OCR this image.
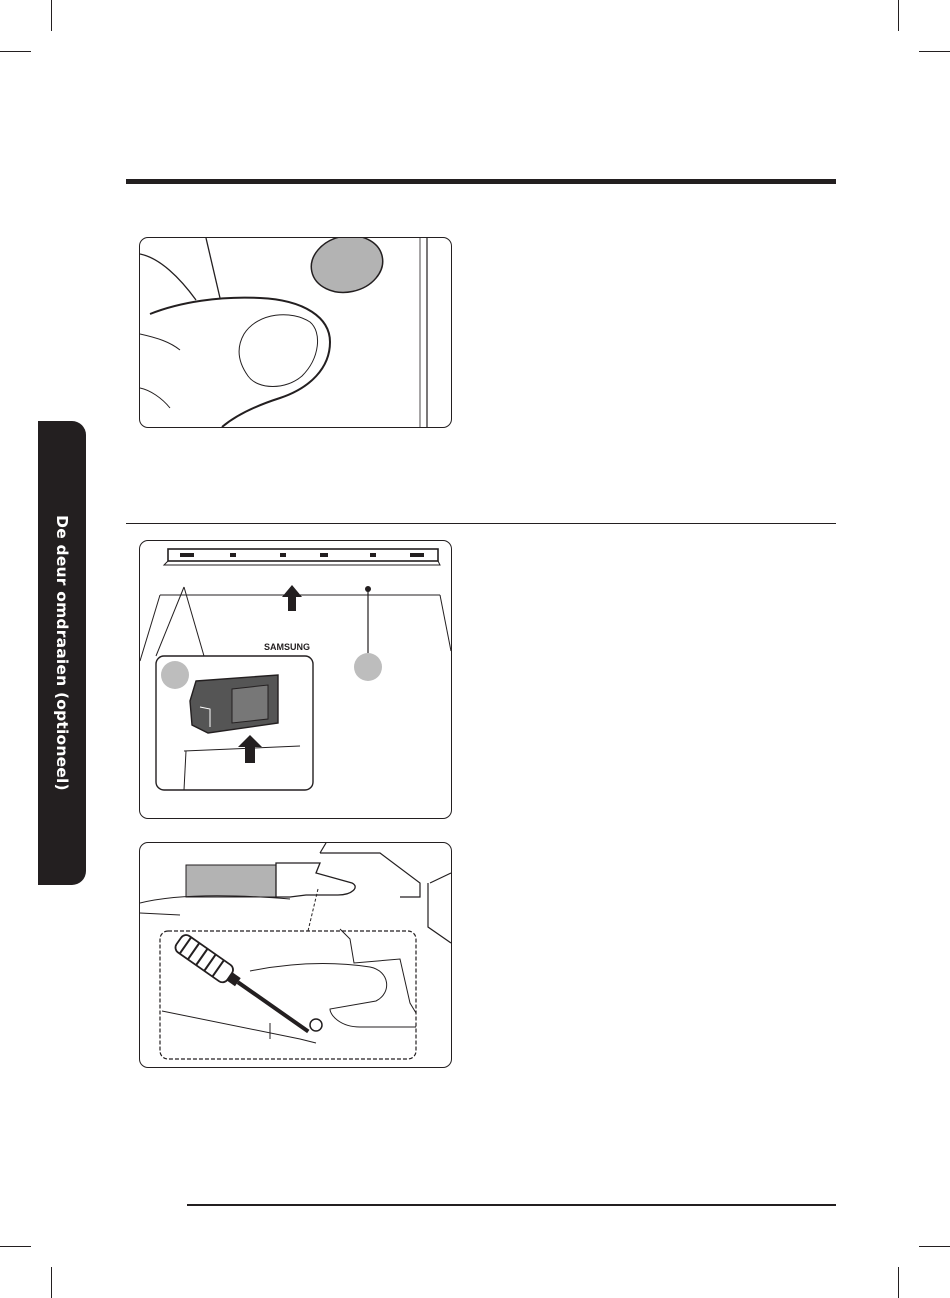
De deur omdraaien (optioneel)	SAMSUNG
